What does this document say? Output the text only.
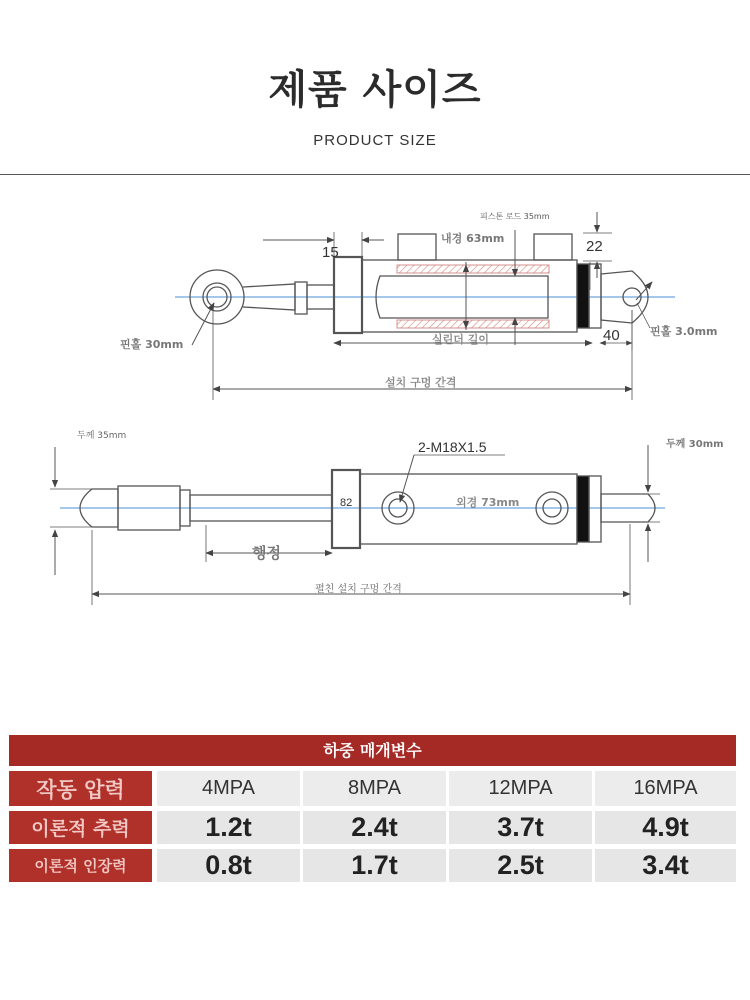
제품 사이즈
PRODUCT SIZE
15	22
40
피스톤 로드 35mm
내경 63mm
핀홀 30mm
핀홀 3.0mm
실린더 길이
설치 구멍 간격
두께 35mm
두께 30mm
2-M18X1.5
82	외경 73mm
행정
펼친 설치 구멍 간격
하중 매개변수
작동 압력	4MPA	8MPA	12MPA	16MPA
이론적 추력	1.2t	2.4t	3.7t	4.9t
이론적 인장력	0.8t	1.7t	2.5t	3.4t
